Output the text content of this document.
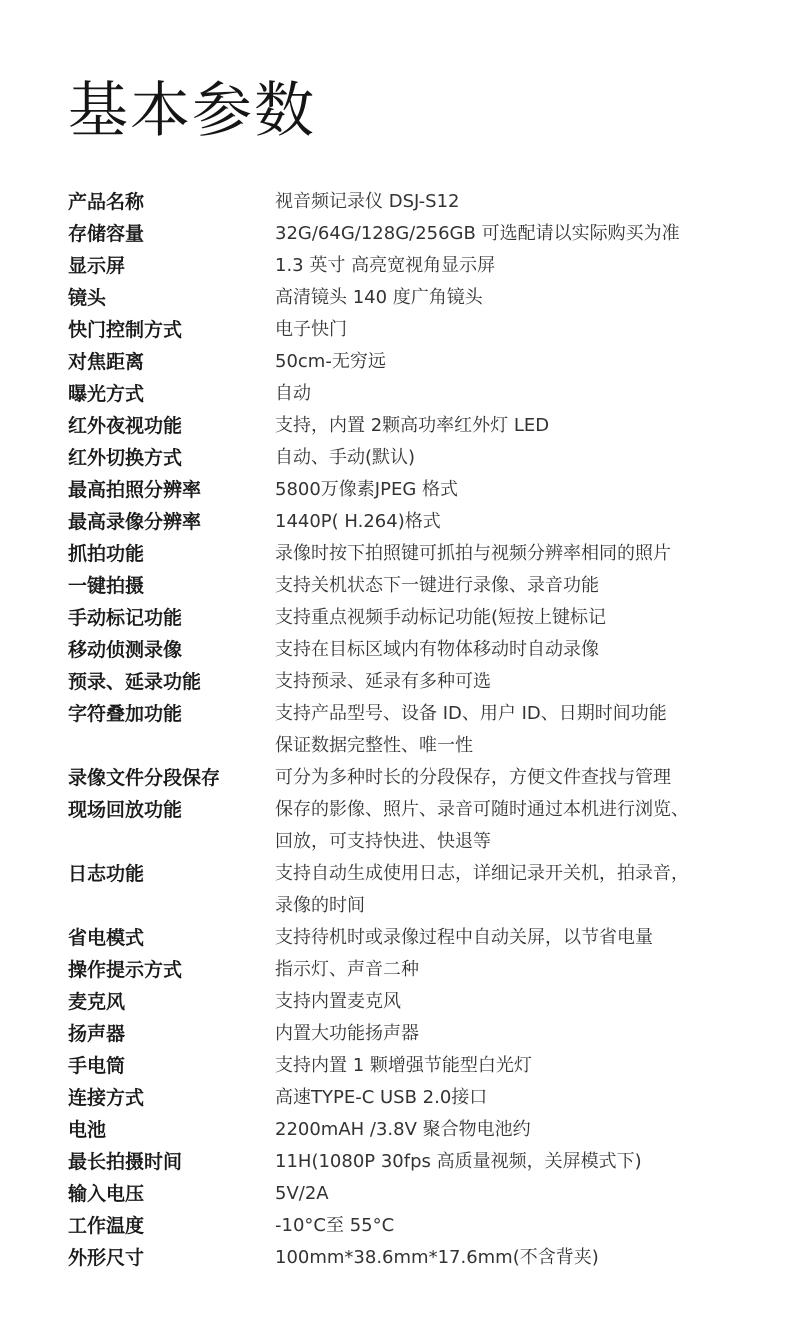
基本参数
产品名称	视音频记录仪 DSJ-S12
存储容量	32G/64G/128G/256GB 可选配请以实际购买为准
显示屏	1.3 英寸 高亮宽视角显示屏
镜头	高清镜头 140 度广角镜头
快门控制方式	电子快门
对焦距离	50cm-无穷远
曝光方式	自动
红外夜视功能	支持，内置 2颗高功率红外灯 LED
红外切换方式	自动、手动(默认)
最高拍照分辨率	5800万像素JPEG 格式
最高录像分辨率	1440P( H.264)格式
抓拍功能	录像时按下拍照键可抓拍与视频分辨率相同的照片
一键拍摄	支持关机状态下一键进行录像、录音功能
手动标记功能	支持重点视频手动标记功能(短按上键标记
移动侦测录像	支持在目标区域内有物体移动时自动录像
预录、延录功能	支持预录、延录有多种可选
字符叠加功能	支持产品型号、设备 ID、用户 ID、日期时间功能
保证数据完整性、唯一性
录像文件分段保存	可分为多种时长的分段保存，方便文件查找与管理
现场回放功能	保存的影像、照片、录音可随时通过本机进行浏览、
回放，可支持快进、快退等
日志功能	支持自动生成使用日志，详细记录开关机，拍录音，
录像的时间
省电模式	支持待机时或录像过程中自动关屏，以节省电量
操作提示方式	指示灯、声音二种
麦克风	支持内置麦克风
扬声器	内置大功能扬声器
手电筒	支持内置 1 颗增强节能型白光灯
连接方式	高速TYPE-C USB 2.0接口
电池	2200mAH /3.8V 聚合物电池约
最长拍摄时间	11H(1080P 30fps 高质量视频，关屏模式下)
输入电压	5V/2A
工作温度	-10°C至 55°C
外形尺寸	100mm*38.6mm*17.6mm(不含背夹)
